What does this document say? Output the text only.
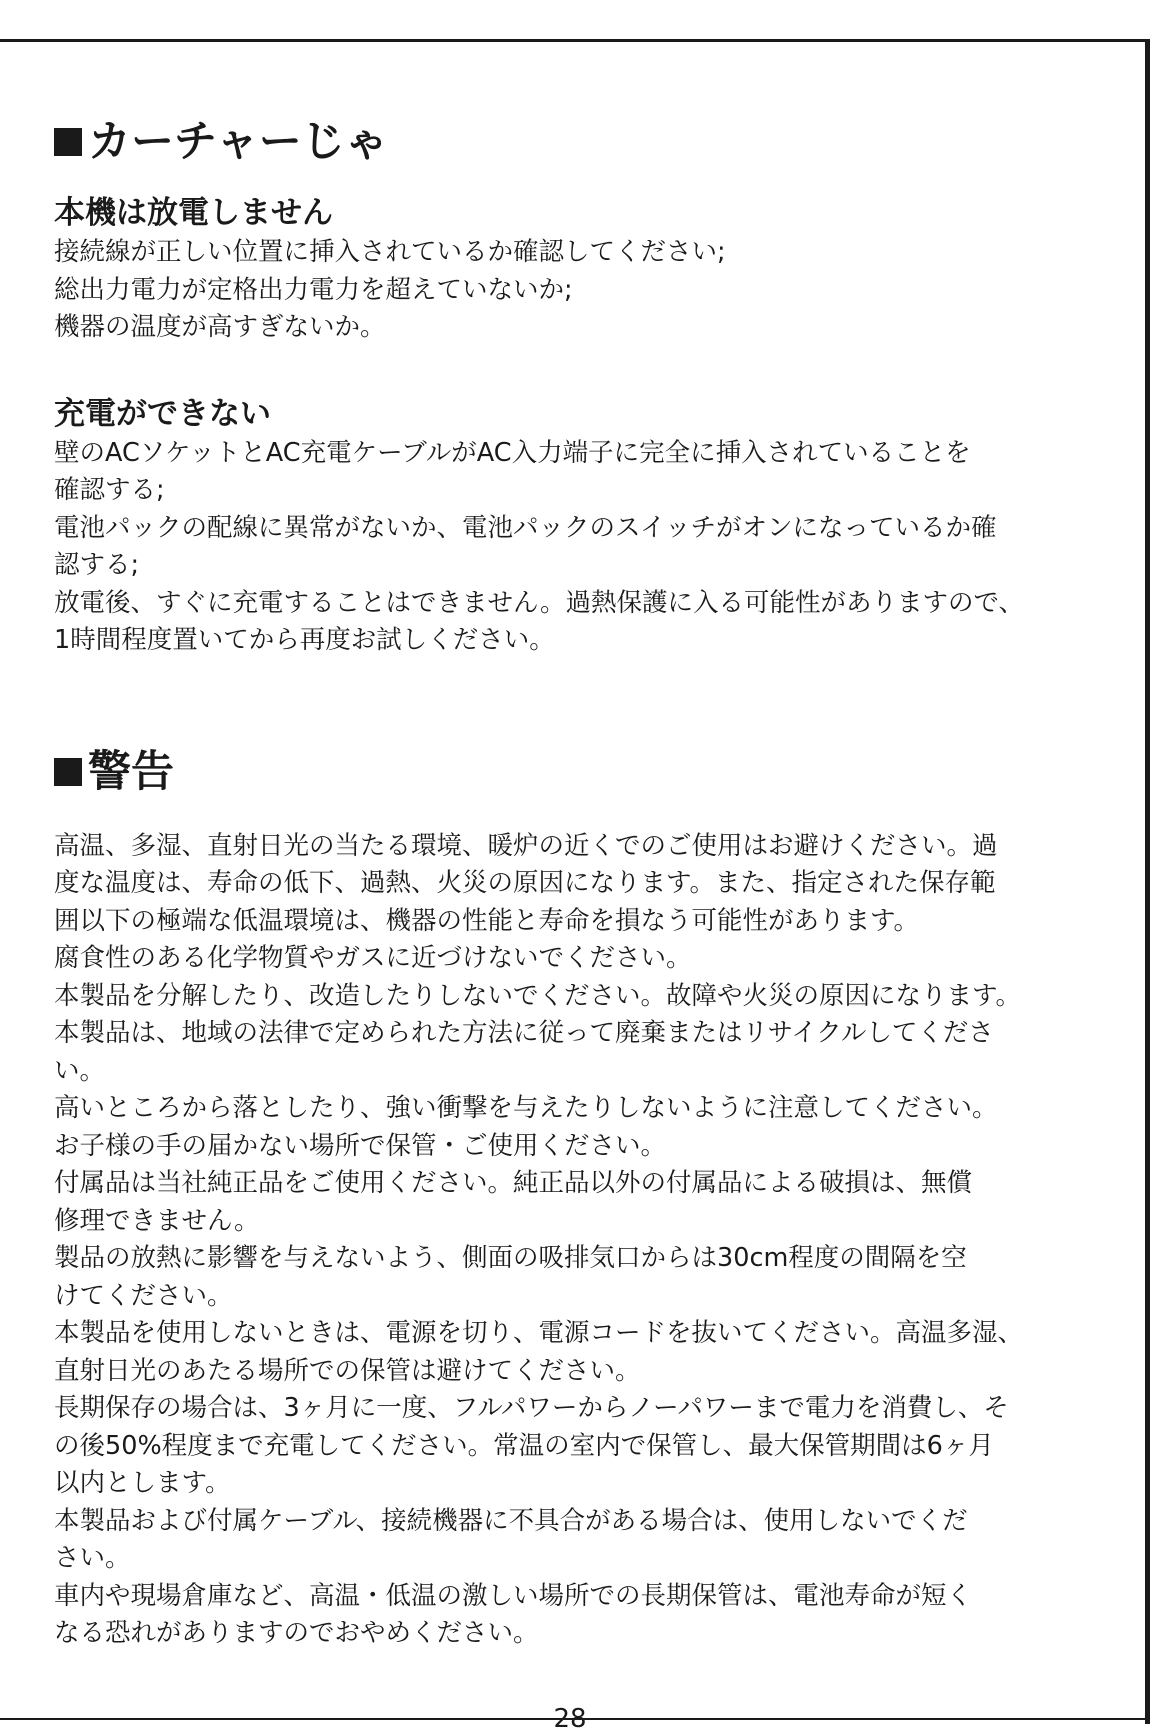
カーチャーじゃ
本機は放電しません

接続線が正しい位置に挿入されているか確認してください;

総出力電力が定格出力電力を超えていないか;

機器の温度が高すぎないか。

充電ができない

壁のACソケットとAC充電ケーブルがAC入力端子に完全に挿入されていることを

確認する;

電池パックの配線に異常がないか、電池パックのスイッチがオンになっているか確

認する;

放電後、すぐに充電することはできません。過熱保護に入る可能性がありますので、

1時間程度置いてから再度お試しください。

警告

高温、多湿、直射日光の当たる環境、暖炉の近くでのご使用はお避けください。過

度な温度は、寿命の低下、過熱、火災の原因になります。また、指定された保存範

囲以下の極端な低温環境は、機器の性能と寿命を損なう可能性があります。

腐食性のある化学物質やガスに近づけないでください。

本製品を分解したり、改造したりしないでください。故障や火災の原因になります。

本製品は、地域の法律で定められた方法に従って廃棄またはリサイクルしてくださ

い。

高いところから落としたり、強い衝撃を与えたりしないように注意してください。

お子様の手の届かない場所で保管・ご使用ください。

付属品は当社純正品をご使用ください。純正品以外の付属品による破損は、無償

修理できません。

製品の放熱に影響を与えないよう、側面の吸排気口からは30cm程度の間隔を空

けてください。

本製品を使用しないときは、電源を切り、電源コードを抜いてください。高温多湿、

直射日光のあたる場所での保管は避けてください。

長期保存の場合は、3ヶ月に一度、フルパワーからノーパワーまで電力を消費し、そ

の後50%程度まで充電してください。常温の室内で保管し、最大保管期間は6ヶ月

以内とします。

本製品および付属ケーブル、接続機器に不具合がある場合は、使用しないでくだ

さい。

車内や現場倉庫など、高温・低温の激しい場所での長期保管は、電池寿命が短く

なる恐れがありますのでおやめください。

28
